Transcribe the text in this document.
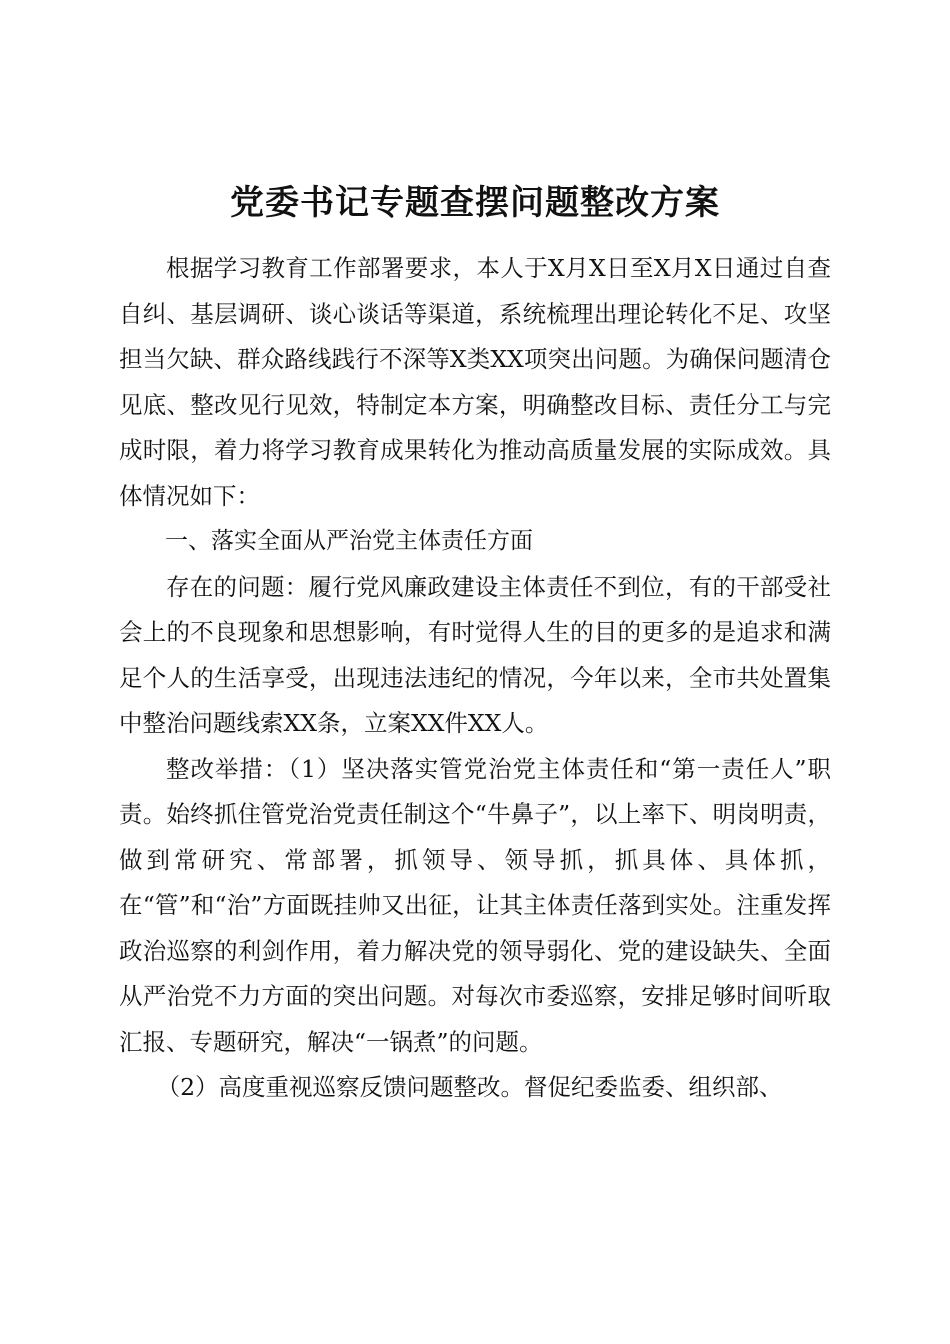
党委书记专题查摆问题整改方案

根据学习教育工作部署要求，本人于X月X日至X月X日通过自查自纠、基层调研、谈心谈话等渠道，系统梳理出理论转化不足、攻坚担当欠缺、群众路线践行不深等X类XX项突出问题。为确保问题清仓见底、整改见行见效，特制定本方案，明确整改目标、责任分工与完成时限，着力将学习教育成果转化为推动高质量发展的实际成效。具体情况如下：

一、落实全面从严治党主体责任方面

存在的问题：履行党风廉政建设主体责任不到位，有的干部受社会上的不良现象和思想影响，有时觉得人生的目的更多的是追求和满足个人的生活享受，出现违法违纪的情况，今年以来，全市共处置集中整治问题线索XX条，立案XX件XX人。

整改举措：（1）坚决落实管党治党主体责任和“第一责任人”职责。始终抓住管党治党责任制这个“牛鼻子”，以上率下、明岗明责，做到常研究、常部署，抓领导、领导抓，抓具体、具体抓，在“管”和“治”方面既挂帅又出征，让其主体责任落到实处。注重发挥政治巡察的利剑作用，着力解决党的领导弱化、党的建设缺失、全面从严治党不力方面的突出问题。对每次市委巡察，安排足够时间听取汇报、专题研究，解决“一锅煮”的问题。

（2）高度重视巡察反馈问题整改。督促纪委监委、组织部、
